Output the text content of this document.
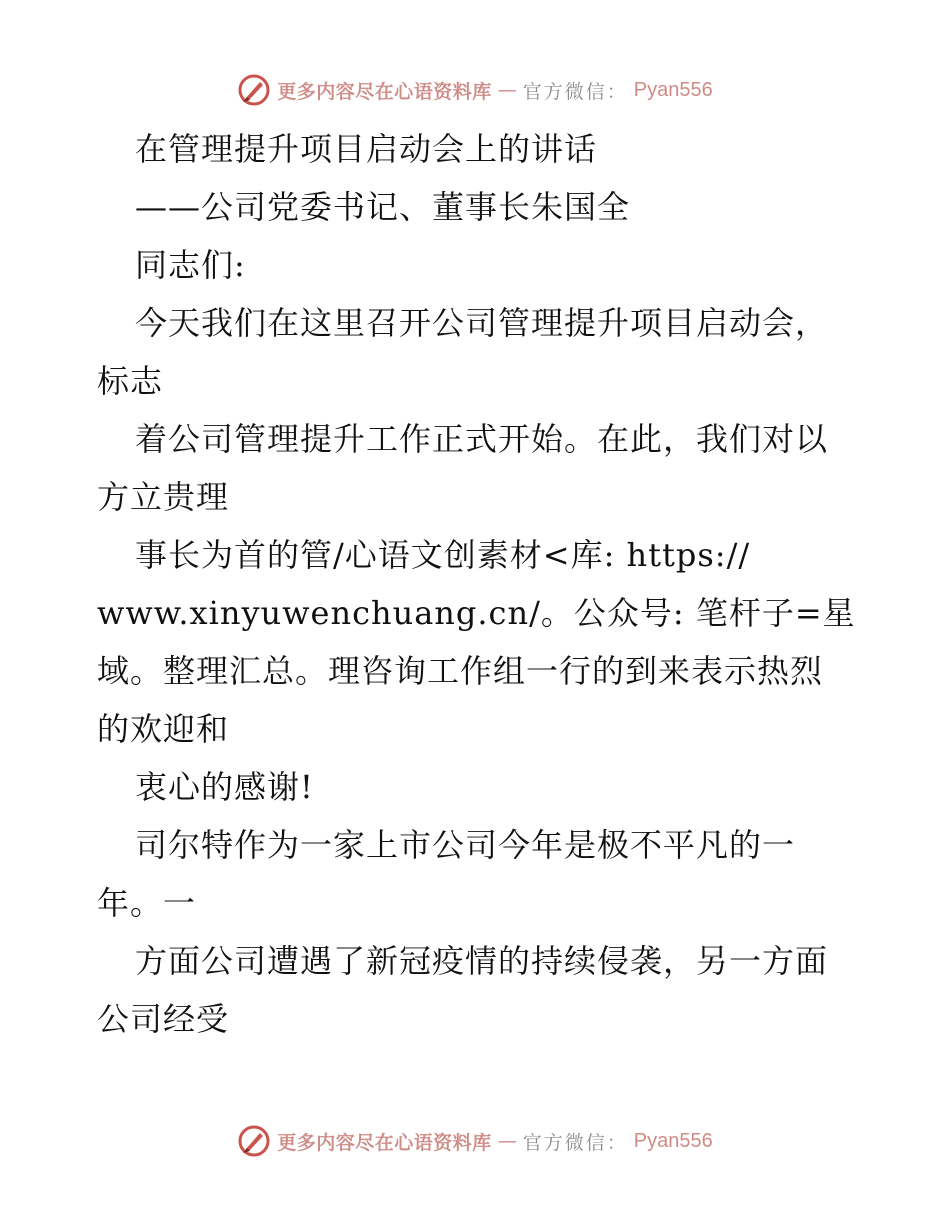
更多内容尽在心语资料库 — 官方微信： Pyan556
在管理提升项目启动会上的讲话
——公司党委书记、董事长朱国全
同志们:
今天我们在这里召开公司管理提升项目启动会，
标志
着公司管理提升工作正式开始。在此，我们对以
方立贵理
事长为首的管/心语文创素材<库: https://
www.xinyuwenchuang.cn/。公众号: 笔杆子=星
域。整理汇总。理咨询工作组一行的到来表示热烈
的欢迎和
衷心的感谢!
司尔特作为一家上市公司今年是极不平凡的一
年。一
方面公司遭遇了新冠疫情的持续侵袭，另一方面
公司经受
更多内容尽在心语资料库 — 官方微信： Pyan556
